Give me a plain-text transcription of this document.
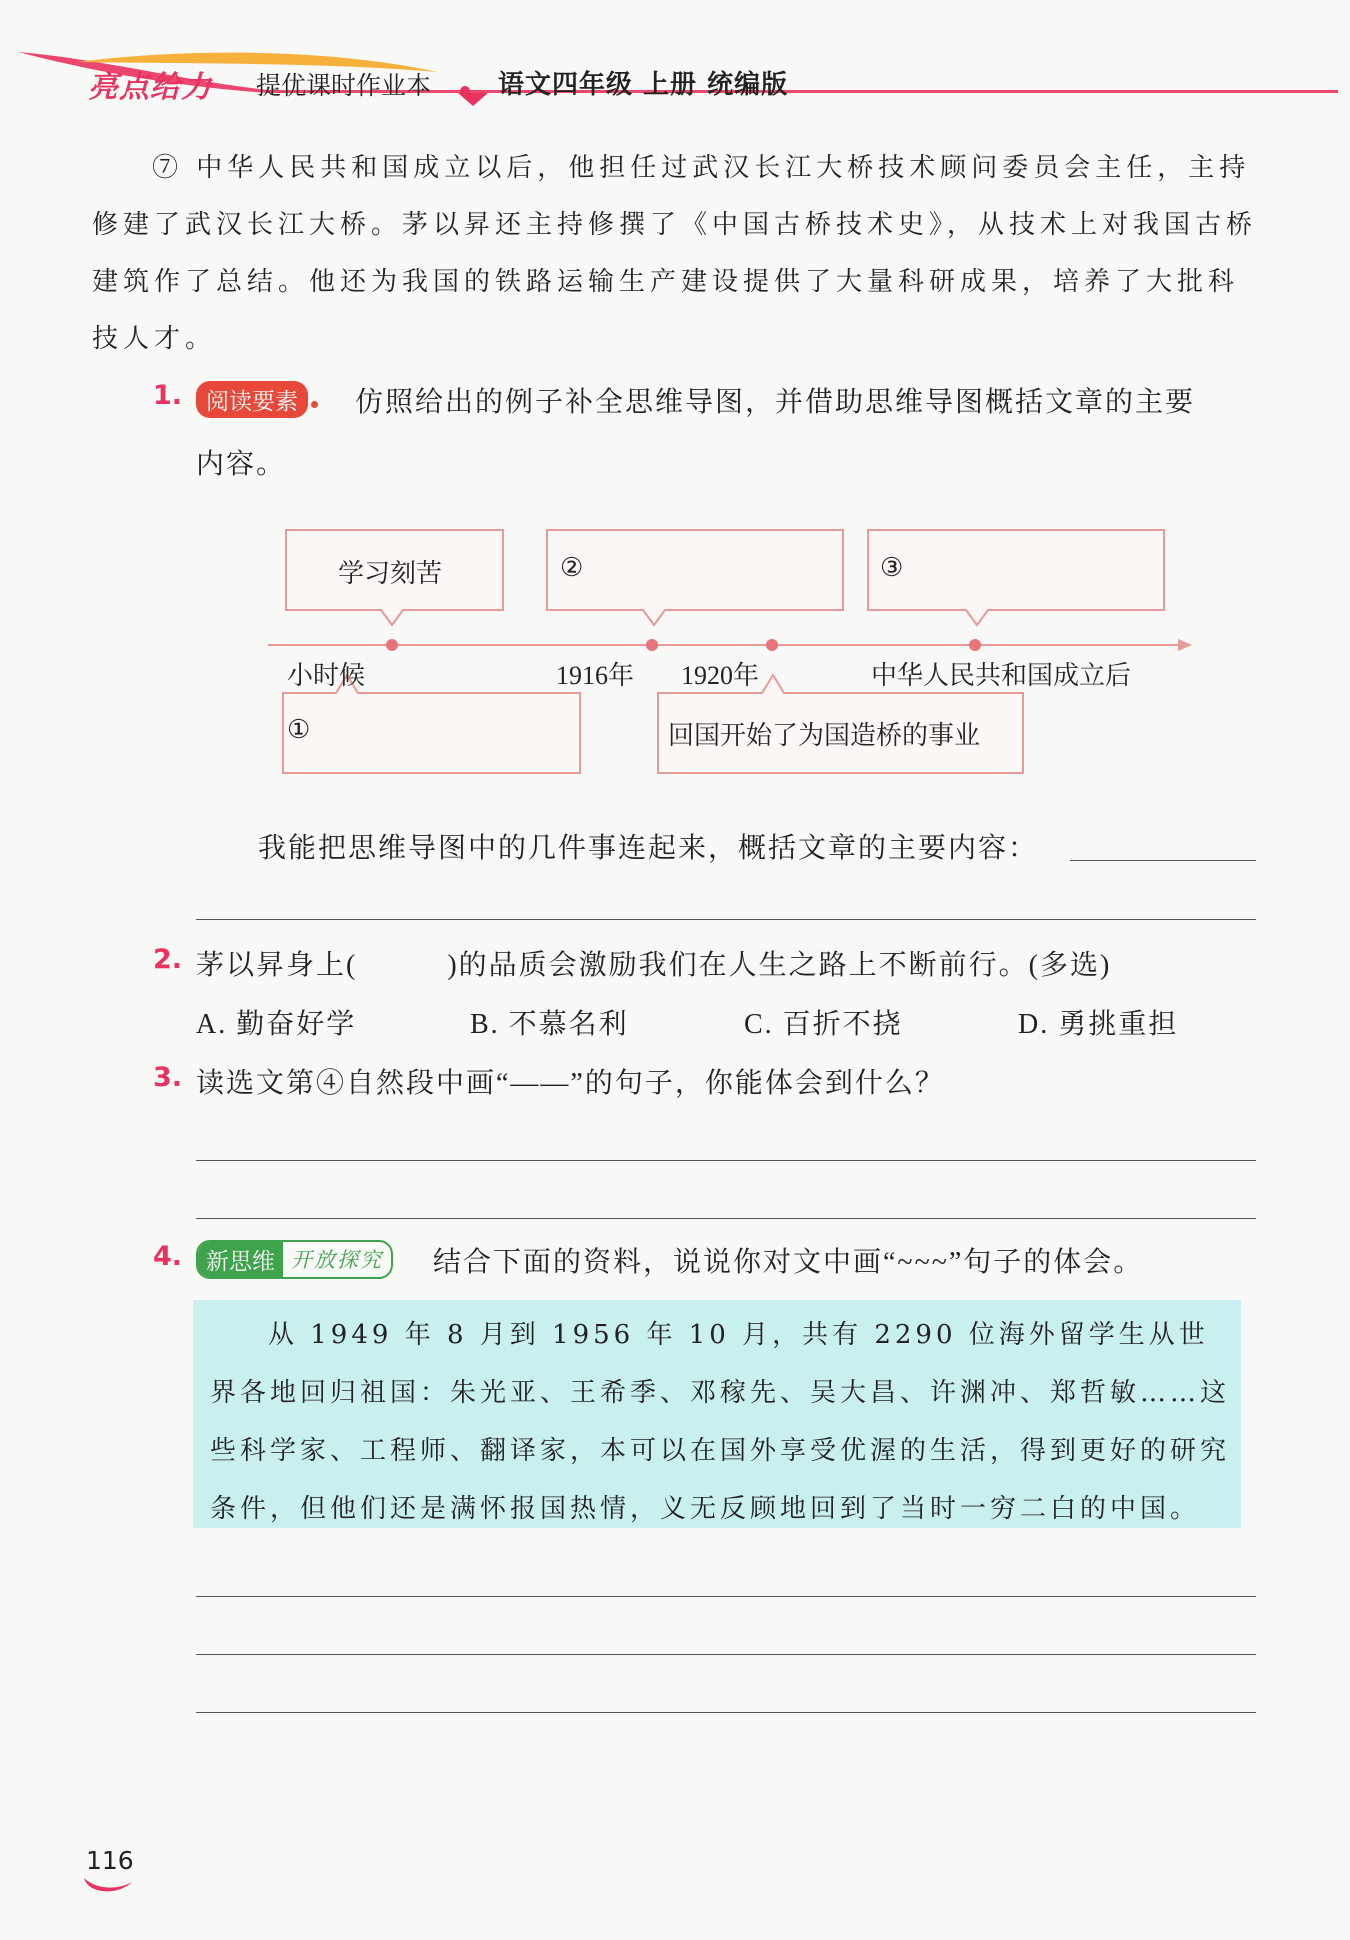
亮点给力 提优课时作业本	语文四年级 上册 统编版
⑦ 中华人民共和国成立以后，他担任过武汉长江大桥技术顾问委员会主任，主持修建了武汉长江大桥。茅以昇还主持修撰了《中国古桥技术史》，从技术上对我国古桥建筑作了总结。他还为我国的铁路运输生产建设提供了大量科研成果，培养了大批科技人才。
1.	阅读要素	仿照给出的例子补全思维导图，并借助思维导图概括文章的主要
内容。
学习刻苦	②	③
小时候	1916年 1920年	中华人民共和国成立后
①	回国开始了为国造桥的事业
我能把思维导图中的几件事连起来，概括文章的主要内容：
2. 茅以昇身上(　　　)的品质会激励我们在人生之路上不断前行。(多选)
A. 勤奋好学	B. 不慕名利	C. 百折不挠	D. 勇挑重担
3. 读选文第④自然段中画“——”的句子，你能体会到什么？
4.	新思维 开放探究 结合下面的资料，说说你对文中画“~~~”句子的体会。
从 1949 年 8 月到 1956 年 10 月，共有 2290 位海外留学生从世界各地回归祖国：朱光亚、王希季、邓稼先、吴大昌、许渊冲、郑哲敏……这些科学家、工程师、翻译家，本可以在国外享受优渥的生活，得到更好的研究条件，但他们还是满怀报国热情，义无反顾地回到了当时一穷二白的中国。
116
